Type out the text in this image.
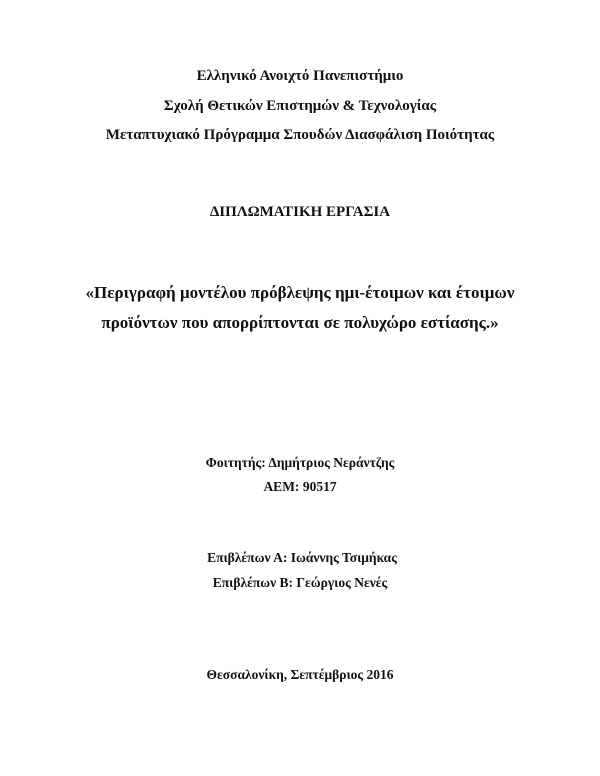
Ελληνικό Ανοιχτό Πανεπιστήμιο
Σχολή Θετικών Επιστημών & Τεχνολογίας
Μεταπτυχιακό Πρόγραμμα Σπουδών Διασφάλιση Ποιότητας
ΔΙΠΛΩΜΑΤΙΚΗ ΕΡΓΑΣΙΑ
«Περιγραφή μοντέλου πρόβλεψης ημι-έτοιμων και έτοιμων
προϊόντων που απορρίπτονται σε πολυχώρο εστίασης.»
Φοιτητής: Δημήτριος Νεράντζης
ΑΕΜ: 90517
Επιβλέπων Α: Ιωάννης Τσιμήκας
Επιβλέπων Β: Γεώργιος Νενές
Θεσσαλονίκη, Σεπτέμβριος 2016
